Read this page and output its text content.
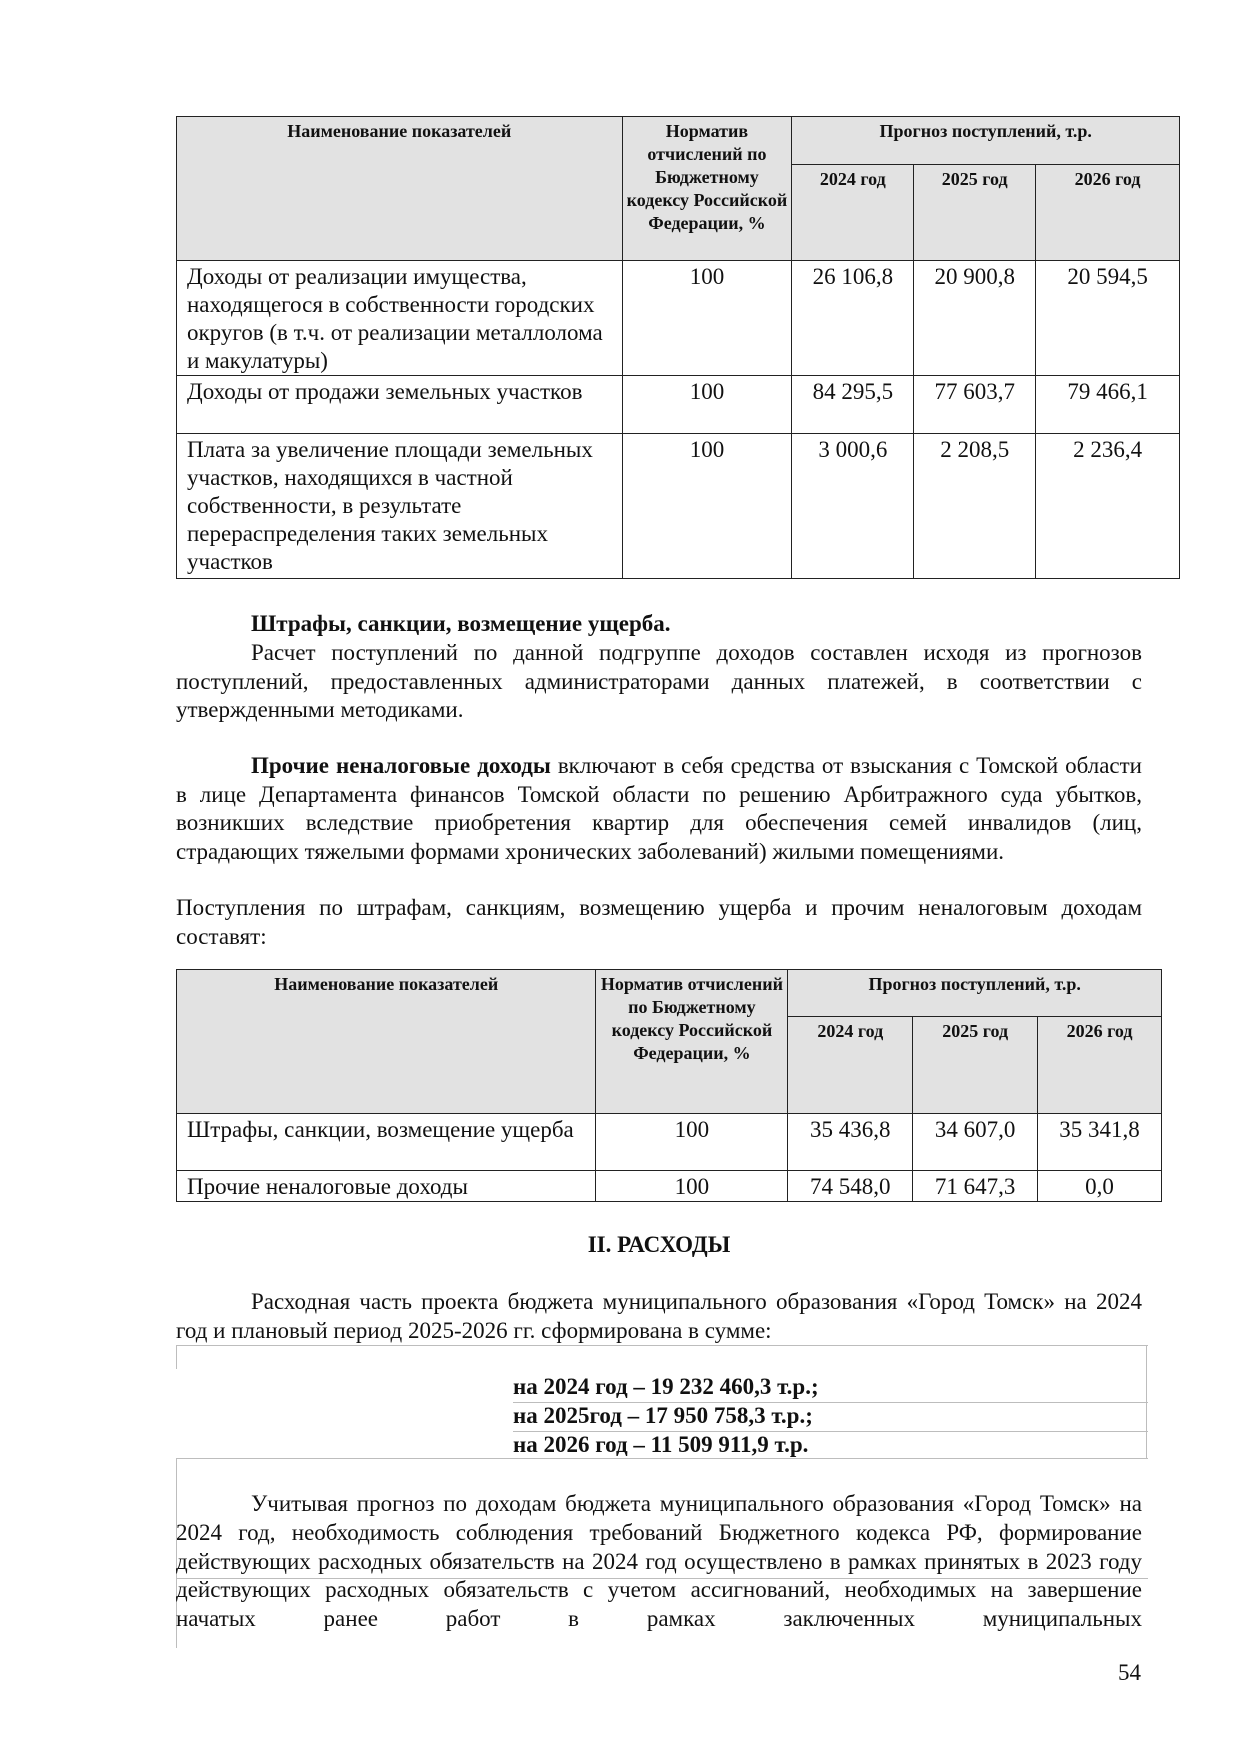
Наименование показателей	Норматив отчислений по Бюджетному кодексу Российской Федерации, %	Прогноз поступлений, т.р.		
		2024 год	2025 год	2026 год
Доходы от реализации имущества, находящегося в собственности городских округов (в т.ч. от реализации металлолома и макулатуры)	100	26 106,8	20 900,8	20 594,5
Доходы от продажи земельных участков	100	84 295,5	77 603,7	79 466,1
Плата за увеличение площади земельных участков, находящихся в частной собственности, в результате перераспределения таких земельных участков	100	3 000,6	2 208,5	2 236,4
Штрафы, санкции, возмещение ущерба.
Расчет поступлений по данной подгруппе доходов составлен исходя из прогнозов поступлений, предоставленных администраторами данных платежей, в соответствии с утвержденными методиками.
Прочие неналоговые доходы включают в себя средства от взыскания с Томской области в лице Департамента финансов Томской области по решению Арбитражного суда убытков, возникших вследствие приобретения квартир для обеспечения семей инвалидов (лиц, страдающих тяжелыми формами хронических заболеваний) жилыми помещениями.
Поступления по штрафам, санкциям, возмещению ущерба и прочим неналоговым доходам составят:
Наименование показателей	Норматив отчислений по Бюджетному кодексу Российской Федерации, %	Прогноз поступлений, т.р.		
		2024 год	2025 год	2026 год
Штрафы, санкции, возмещение ущерба	100	35 436,8	34 607,0	35 341,8
Прочие неналоговые доходы	100	74 548,0	71 647,3	0,0
II. РАСХОДЫ
Расходная часть проекта бюджета муниципального образования «Город Томск» на 2024 год и плановый период 2025-2026 гг. сформирована в сумме:
на 2024 год – 19 232 460,3 т.р.;
на 2025год – 17 950 758,3 т.р.;
на 2026 год – 11 509 911,9 т.р.
Учитывая прогноз по доходам бюджета муниципального образования «Город Томск» на 2024 год, необходимость соблюдения требований Бюджетного кодекса РФ, формирование действующих расходных обязательств на 2024 год осуществлено в рамках принятых в 2023 году действующих расходных обязательств с учетом ассигнований, необходимых на завершение начатых ранее работ в рамках заключенных муниципальных
54
